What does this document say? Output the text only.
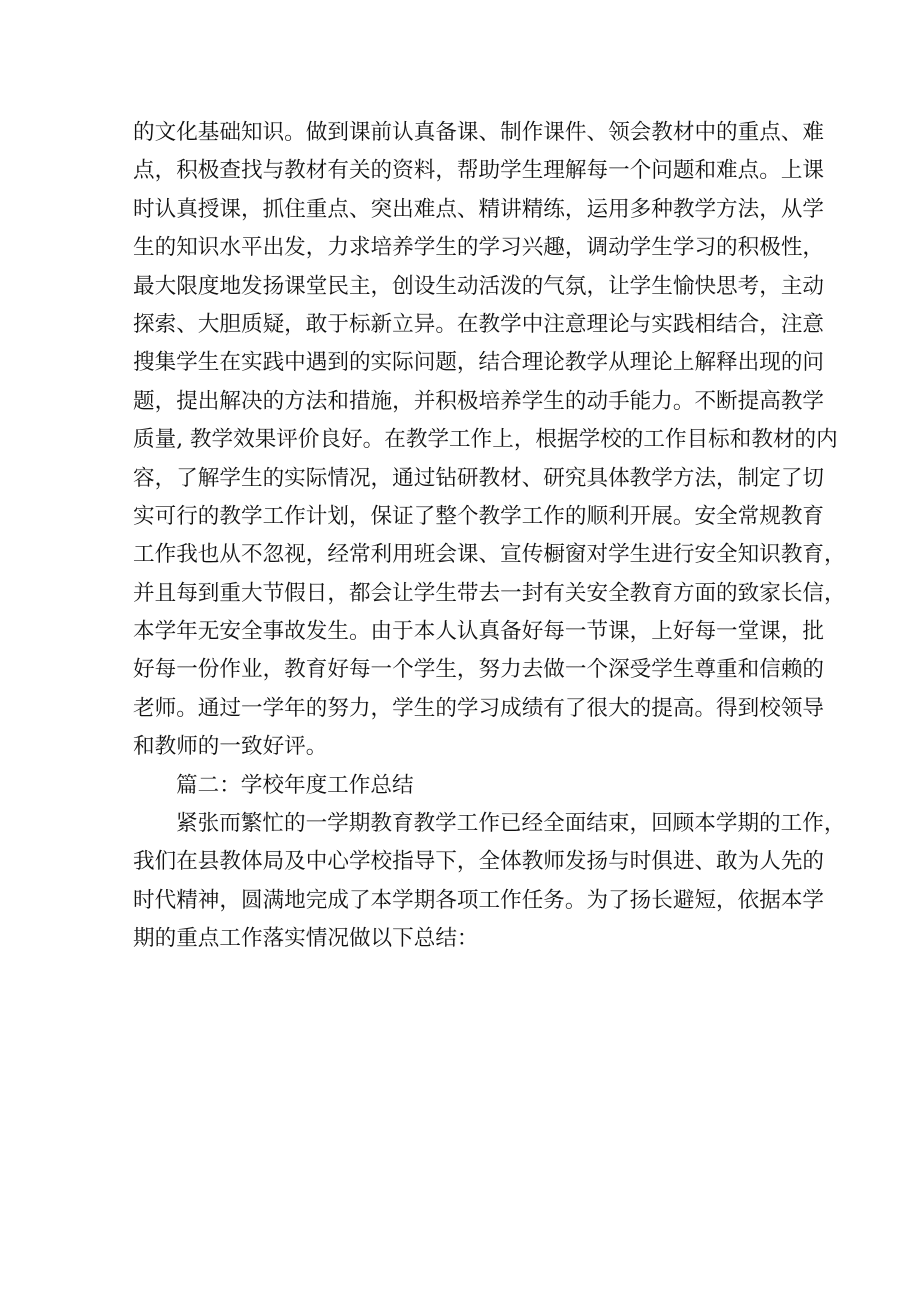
的文化基础知识。做到课前认真备课、制作课件、领会教材中的重点、难
点，积极查找与教材有关的资料，帮助学生理解每一个问题和难点。上课
时认真授课，抓住重点、突出难点、精讲精练，运用多种教学方法，从学
生的知识水平出发，力求培养学生的学习兴趣，调动学生学习的积极性，
最大限度地发扬课堂民主，创设生动活泼的气氛，让学生愉快思考，主动
探索、大胆质疑，敢于标新立异。在教学中注意理论与实践相结合，注意
搜集学生在实践中遇到的实际问题，结合理论教学从理论上解释出现的问
题，提出解决的方法和措施，并积极培养学生的动手能力。不断提高教学
质量, 教学效果评价良好。在教学工作上，根据学校的工作目标和教材的内
容，了解学生的实际情况，通过钻研教材、研究具体教学方法，制定了切
实可行的教学工作计划，保证了整个教学工作的顺利开展。安全常规教育
工作我也从不忽视，经常利用班会课、宣传橱窗对学生进行安全知识教育，
并且每到重大节假日，都会让学生带去一封有关安全教育方面的致家长信，
本学年无安全事故发生。由于本人认真备好每一节课，上好每一堂课，批
好每一份作业，教育好每一个学生，努力去做一个深受学生尊重和信赖的
老师。通过一学年的努力，学生的学习成绩有了很大的提高。得到校领导
和教师的一致好评。
篇二：学校年度工作总结
紧张而繁忙的一学期教育教学工作已经全面结束，回顾本学期的工作，
我们在县教体局及中心学校指导下，全体教师发扬与时俱进、敢为人先的
时代精神，圆满地完成了本学期各项工作任务。为了扬长避短，依据本学
期的重点工作落实情况做以下总结：
